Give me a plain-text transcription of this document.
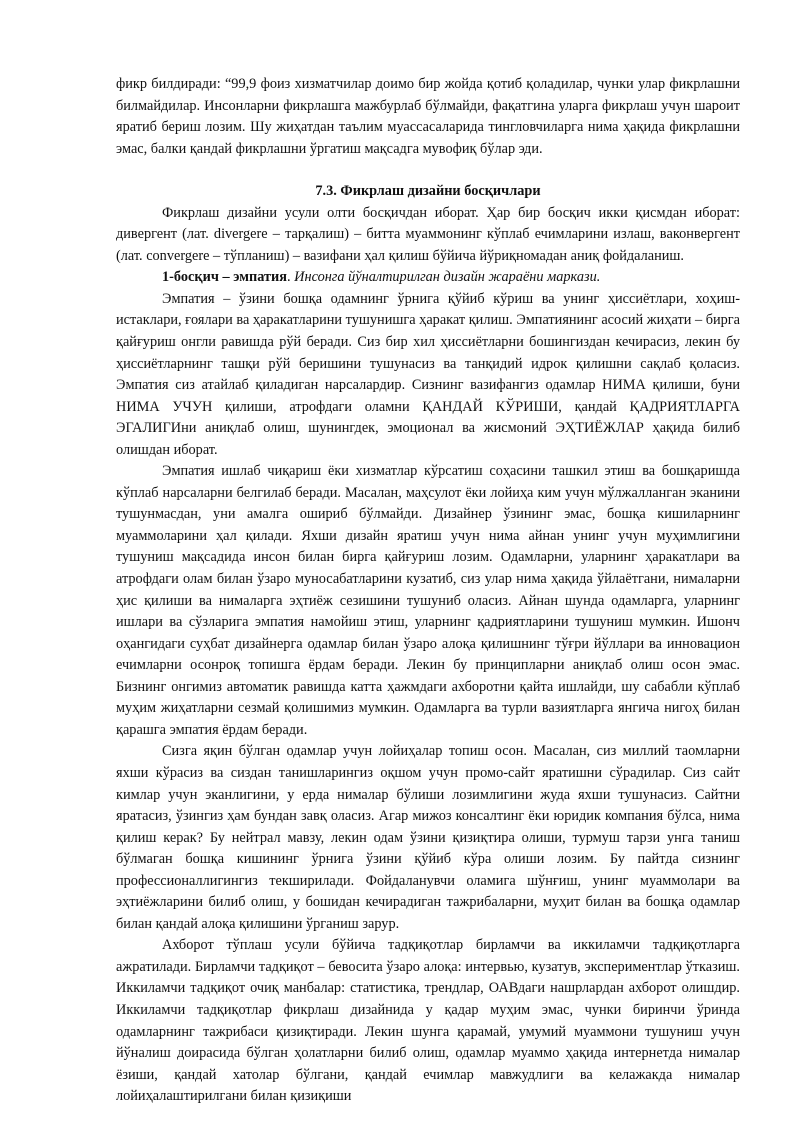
фикр билдиради: “99,9 фоиз хизматчилар доимо бир жойда қотиб қоладилар, чунки улар фикрлашни билмайдилар. Инсонларни фикрлашга мажбурлаб бўлмайди, фақатгина уларга фикрлаш учун шароит яратиб бериш лозим. Шу жиҳатдан таълим муассасаларида тингловчиларга нима ҳақида фикрлашни эмас, балки қандай фикрлашни ўргатиш мақсадга мувофиқ бўлар эди.

7.3. Фикрлаш дизайни босқичлари

Фикрлаш дизайни усули олти босқичдан иборат. Ҳар бир босқич икки қисмдан иборат: дивергент (лат. divergere – тарқалиш) – битта муаммонинг кўплаб ечимларини излаш, вaконвергент (лат. convergere – тўпланиш) – вазифани ҳал қилиш бўйича йўриқномадан аниқ фойдаланиш.

1-босқич – эмпатия. Инсонга йўналтирилган дизайн жараёни маркази.

Эмпатия – ўзини бошқа одамнинг ўрнига қўйиб кўриш ва унинг ҳиссиётлари, хоҳиш-истаклари, ғоялари ва ҳаракатларини тушунишга ҳаракат қилиш. Эмпатиянинг асосий жиҳати – бирга қайғуриш онгли равишда рўй беради. Сиз бир хил ҳиссиётларни бошингиздан кечирасиз, лекин бу ҳиссиётларнинг ташқи рўй беришини тушунасиз ва танқидий идрок қилишни сақлаб қоласиз. Эмпатия сиз атайлаб қиладиган нарсалардир. Сизнинг вазифангиз одамлар НИМА қилиши, буни НИМА УЧУН қилиши, атрофдаги оламни ҚАНДАЙ КЎРИШИ, қандай ҚАДРИЯТЛАРГА ЭГАЛИГИни аниқлаб олиш, шунингдек, эмоционал ва жисмоний ЭҲТИЁЖЛАР ҳақида билиб олишдан иборат.

Эмпатия ишлаб чиқариш ёки хизматлар кўрсатиш соҳасини ташкил этиш ва бошқаришда кўплаб нарсаларни белгилаб беради. Масалан, маҳсулот ёки лойиҳа ким учун мўлжалланган эканини тушунмасдан, уни амалга ошириб бўлмайди. Дизайнер ўзининг эмас, бошқа кишиларнинг муаммоларини ҳал қилади. Яхши дизайн яратиш учун нима айнан унинг учун муҳимлигини тушуниш мақсадида инсон билан бирга қайғуриш лозим. Одамларни, уларнинг ҳаракатлари ва атрофдаги олам билан ўзаро муносабатларини кузатиб, сиз улар нима ҳақида ўйлаётгани, нималарни ҳис қилиши ва нималарга эҳтиёж сезишини тушуниб оласиз. Айнан шунда одамларга, уларнинг ишлари ва сўзларига эмпатия намойиш этиш, уларнинг қадриятларини тушуниш мумкин. Ишонч оҳангидаги суҳбат дизайнерга одамлар билан ўзаро алоқа қилишнинг тўғри йўллари ва инновацион ечимларни осонроқ топишга ёрдам беради. Лекин бу принципларни аниқлаб олиш осон эмас. Бизнинг онгимиз автоматик равишда катта ҳажмдаги ахборотни қайта ишлайди, шу сабабли кўплаб муҳим жиҳатларни сезмай қолишимиз мумкин. Одамларга ва турли вазиятларга янгича нигоҳ билан қарашга эмпатия ёрдам беради.

Сизга яқин бўлган одамлар учун лойиҳалар топиш осон. Масалан, сиз миллий таомларни яхши кўрасиз ва сиздан танишларингиз оқшом учун промо-сайт яратишни сўрадилар. Сиз сайт кимлар учун эканлигини, у ерда нималар бўлиши лозимлигини жуда яхши тушунасиз. Сайтни яратасиз, ўзингиз ҳам бундан завқ оласиз. Агар мижоз консалтинг ёки юридик компания бўлса, нима қилиш керак? Бу нейтрал мавзу, лекин одам ўзини қизиқтира олиши, турмуш тарзи унга таниш бўлмаган бошқа кишининг ўрнига ўзини қўйиб кўра олиши лозим. Бу пайтда сизнинг профессионаллигингиз текширилади. Фойдаланувчи оламига шўнғиш, унинг муаммолари ва эҳтиёжларини билиб олиш, у бошидан кечирадиган тажрибаларни, муҳит билан ва бошқа одамлар билан қандай алоқа қилишини ўрганиш зарур.

Ахборот тўплаш усули бўйича тадқиқотлар бирламчи ва иккиламчи тадқиқотларга ажратилади. Бирламчи тадқиқот – бевосита ўзаро алоқа: интервью, кузатув, экспериментлар ўтказиш. Иккиламчи тадқиқот очиқ манбалар: статистика, трендлар, ОАВдаги нашрлардан ахборот олишдир. Иккиламчи тадқиқотлар фикрлаш дизайнида у қадар муҳим эмас, чунки биринчи ўринда одамларнинг тажрибаси қизиқтиради. Лекин шунга қарамай, умумий муаммони тушуниш учун йўналиш доирасида бўлган ҳолатларни билиб олиш, одамлар муаммо ҳақида интернетда нималар ёзиши, қандай хатолар бўлгани, қандай ечимлар мавжудлиги ва келажакда нималар лойиҳалаштирилгани билан қизиқиши
